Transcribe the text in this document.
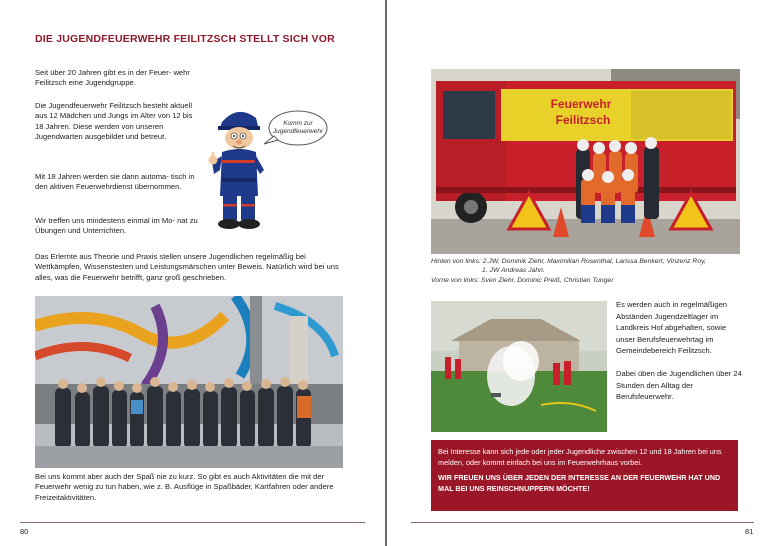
DIE JUGENDFEUERWEHR FEILITZSCH STELLT SICH VOR

Seit über 20 Jahren gibt es in der Feuer- wehr Feilitzsch eine Jugendgruppe.

Die Jugendfeuerwehr Feilitzsch besteht aktuell aus 12 Mädchen und Jungs im Alter von 12 bis 18 Jahren. Diese werden von unseren Jugendwarten ausgebildet und betreut.

Mit 18 Jahren werden sie dann automa- tisch in den aktiven Feuerwehrdienst übernommen.

Wir treffen uns mindestens einmal im Mo- nat zu Übungen und Unterrichten.

Das Erlernte aus Theorie und Praxis stellen unsere Jugendlichen regelmäßig bei Wettkämpfen, Wissenstesten und Leistungsmärschen unter Beweis. Natürlich wird bei uns alles, was die Feuerwehr betrifft, ganz groß geschrieben.

Komm zur
Jugendfeuerwehr

Bei uns kommt aber auch der Spaß nie zu kurz. So gibt es auch Aktivitäten die mit der Feuerwehr wenig zu tun haben, wie z. B. Ausflüge in Spaßbäder, Kartfahren oder andere Freizeitaktivitäten.

80
Feuerwehr
Feilitzsch
Hinten von links: 2.JW. Dominik Ziehr, Maximilian Rosenthal, Larissa Benkert, Vinzenz Roy,
1. JW Andreas Jahn.
Vorne von links: Sven Ziehr, Dominic Preiß, Christian Tunger

Es werden auch in regelmäßigen Abständen Jugendzeltlager im Landkreis Hof abgehalten, sowie unser Berufsfeuerwehrtag im Gemeindebereich Feilitzsch.

Dabei üben die Jugendlichen über 24 Stunden den Alltag der Berufsfeuerwehr.

Bei Interesse kann sich jede oder jeder Jugendliche zwischen 12 und 18 Jahren bei uns melden, oder kommt einfach bei uns im Feuerwehrhaus vorbei.

WIR FREUEN UNS ÜBER JEDEN DER INTERESSE AN DER FEUERWEHR HAT UND MAL BEI UNS REINSCHNUPPERN MÖCHTE!

81
